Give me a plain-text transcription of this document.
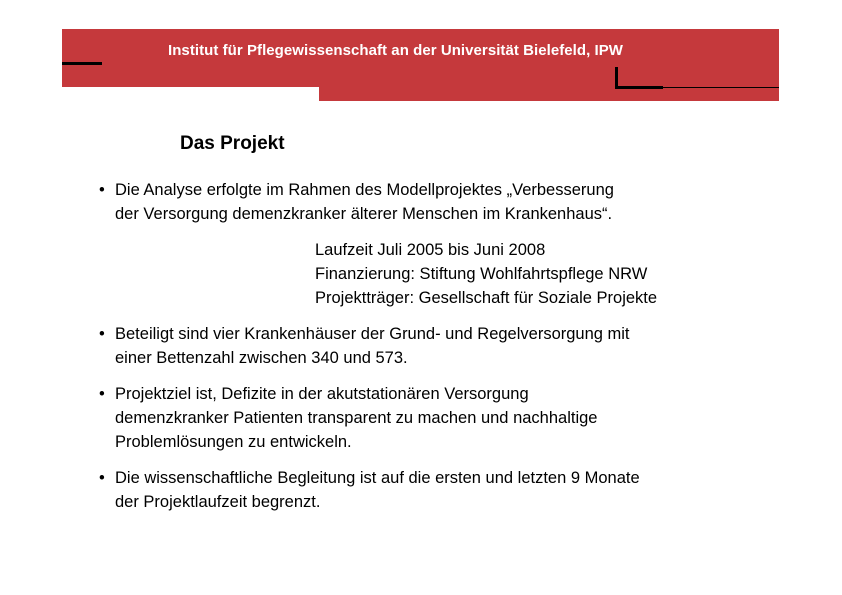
Institut für Pflegewissenschaft an der Universität Bielefeld, IPW
Das Projekt
• Die Analyse erfolgte im Rahmen des Modellprojektes „Verbesserung
der Versorgung demenzkranker älterer Menschen im Krankenhaus“.
Laufzeit Juli 2005 bis Juni 2008
Finanzierung: Stiftung Wohlfahrtspflege NRW
Projektträger: Gesellschaft für Soziale Projekte
• Beteiligt sind vier Krankenhäuser der Grund- und Regelversorgung mit
einer Bettenzahl zwischen 340 und 573.
• Projektziel ist, Defizite in der akutstationären Versorgung
demenzkranker Patienten transparent zu machen und nachhaltige
Problemlösungen zu entwickeln.
• Die wissenschaftliche Begleitung ist auf die ersten und letzten 9 Monate
der Projektlaufzeit begrenzt.
